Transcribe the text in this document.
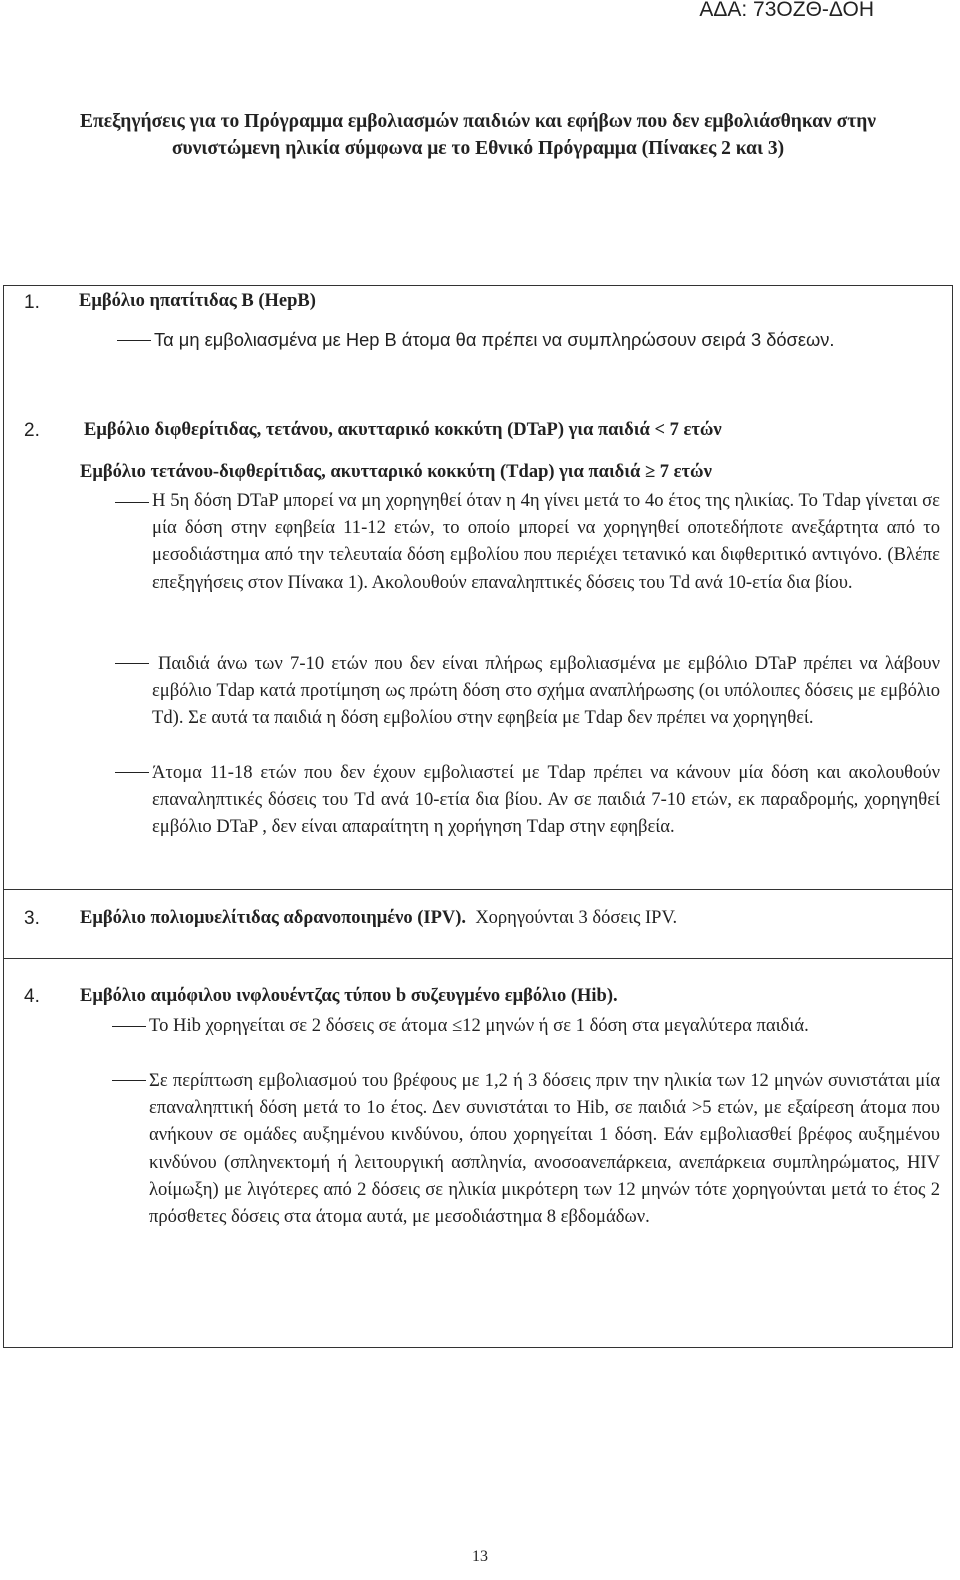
ΑΔΑ: 73ΟΖΘ-ΔΟΗ
Επεξηγήσεις για το Πρόγραμμα εμβολιασμών παιδιών και εφήβων που δεν εμβολιάσθηκαν στην συνιστώμενη ηλικία σύμφωνα με το Εθνικό Πρόγραμμα (Πίνακες 2 και 3)
1. Εμβόλιο ηπατίτιδας Β (HepB)
Τα μη εμβολιασμένα με Hep B άτομα θα πρέπει να συμπληρώσουν σειρά 3 δόσεων.
2. Εμβόλιο διφθερίτιδας, τετάνου, ακυτταρικό κοκκύτη (DTaP) για παιδιά < 7 ετών
Εμβόλιο τετάνου-διφθερίτιδας, ακυτταρικό κοκκύτη (Tdap) για παιδιά ≥ 7 ετών
Η 5η δόση DTaP μπορεί να μη χορηγηθεί όταν η 4η γίνει μετά το 4ο έτος της ηλικίας. Το Tdap γίνεται σε μία δόση στην εφηβεία 11-12 ετών, το οποίο μπορεί να χορηγηθεί οποτεδήποτε ανεξάρτητα από το μεσοδιάστημα από την τελευταία δόση εμβολίου που περιέχει τετανικό και διφθεριτικό αντιγόνο. (Βλέπε επεξηγήσεις στον Πίνακα 1). Ακολουθούν επαναληπτικές δόσεις του Td ανά 10-ετία δια βίου.
Παιδιά άνω των 7-10 ετών που δεν είναι πλήρως εμβολιασμένα με εμβόλιο DTaP πρέπει να λάβουν εμβόλιο Tdap κατά προτίμηση ως πρώτη δόση στο σχήμα αναπλήρωσης (οι υπόλοιπες δόσεις με εμβόλιο Td). Σε αυτά τα παιδιά η δόση εμβολίου στην εφηβεία με Tdap δεν πρέπει να χορηγηθεί.
Άτομα 11-18 ετών που δεν έχουν εμβολιαστεί με Tdap πρέπει να κάνουν μία δόση και ακολουθούν επαναληπτικές δόσεις του Td ανά 10-ετία δια βίου. Αν σε παιδιά 7-10 ετών, εκ παραδρομής, χορηγηθεί εμβόλιο DTaP , δεν είναι απαραίτητη η χορήγηση Tdap στην εφηβεία.
3. Εμβόλιο πολιομυελίτιδας αδρανοποιημένο (IPV). Χορηγούνται 3 δόσεις IPV.
4. Εμβόλιο αιμόφιλου ινφλουέντζας τύπου b συζευγμένο εμβόλιο (Hib).
Το Hib χορηγείται σε 2 δόσεις σε άτομα ≤12 μηνών ή σε 1 δόση στα μεγαλύτερα παιδιά.
Σε περίπτωση εμβολιασμού του βρέφους με 1,2 ή 3 δόσεις πριν την ηλικία των 12 μηνών συνιστάται μία επαναληπτική δόση μετά το 1ο έτος. Δεν συνιστάται το Hib, σε παιδιά >5 ετών, με εξαίρεση άτομα που ανήκουν σε ομάδες αυξημένου κινδύνου, όπου χορηγείται 1 δόση. Εάν εμβολιασθεί βρέφος αυξημένου κινδύνου (σπληνεκτομή ή λειτουργική ασπληνία, ανοσοανεπάρκεια, ανεπάρκεια συμπληρώματος, HIV λοίμωξη) με λιγότερες από 2 δόσεις σε ηλικία μικρότερη των 12 μηνών τότε χορηγούνται μετά το έτος 2 πρόσθετες δόσεις στα άτομα αυτά, με μεσοδιάστημα 8 εβδομάδων.
13
